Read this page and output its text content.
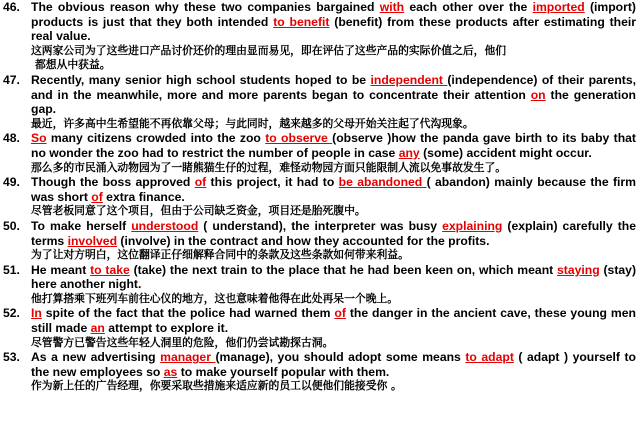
46. The obvious reason why these two companies bargained with each other over the imported (import) products is just that they both intended to benefit (benefit) from these products after estimating their real value.
这两家公司为了这些进口产品讨价还价的理由显而易见，即在评估了这些产品的实际价值之后，他们
都想从中获益。
47. Recently, many senior high school students hoped to be independent (independence) of their parents, and in the meanwhile, more and more parents began to concentrate their attention on the generation gap.
最近，许多高中生希望能不再依靠父母；与此同时，越来越多的父母开始关注起了代沟现象。
48. So many citizens crowded into the zoo to observe (observe )how the panda gave birth to its baby that no wonder the zoo had to restrict the number of people in case any (some) accident might occur.
那么多的市民涌入动物园为了一睹熊猫生仔的过程，难怪动物园方面只能限制人流以免事故发生了。
49. Though the boss approved of this project, it had to be abandoned ( abandon) mainly because the firm was short of extra finance.
尽管老板同意了这个项目，但由于公司缺乏资金，项目还是胎死腹中。
50. To make herself understood ( understand), the interpreter was busy explaining (explain) carefully the terms involved (involve) in the contract and how they accounted for the profits.
为了让对方明白，这位翻译正仔细解释合同中的条款及这些条款如何带来利益。
51. He meant to take (take) the next train to the place that he had been keen on, which meant staying (stay) here another night.
他打算搭乘下班列车前往心仪的地方，这也意味着他得在此处再呆一个晚上。
52. In spite of the fact that the police had warned them of the danger in the ancient cave, these young men still made an attempt to explore it.
尽管警方已警告这些年轻人洞里的危险，他们仍尝试勘探古洞。
53. As a new advertising manager (manage), you should adopt some means to adapt ( adapt ) yourself to the new employees so as to make yourself popular with them.
作为新上任的广告经理，你要采取些措施来适应新的员工以便他们能接受你 。
